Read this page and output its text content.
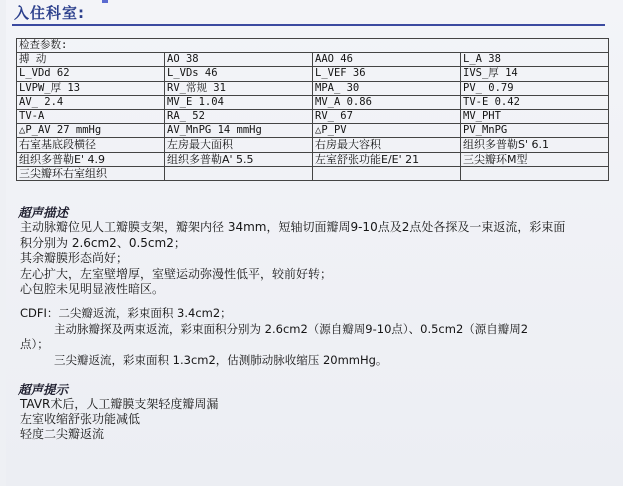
入住科室:
检查参数:			
搏 动	AO 38	AAO 46	L_A 38
L_VDd 62	L_VDs 46	L_VEF 36	IVS_厚 14
LVPW_厚 13	RV_常规 31	MPA_ 30	PV_ 0.79
AV_ 2.4	MV_E 1.04	MV_A 0.86	TV-E 0.42
TV-A	RA_ 52	RV_ 67	MV_PHT
△P_AV 27 mmHg	AV_MnPG 14 mmHg	△P_PV	PV_MnPG
右室基底段横径	左房最大面积	右房最大容积	组织多普勒S' 6.1
组织多普勒E' 4.9	组织多普勒A' 5.5	左室舒张功能E/E' 21	三尖瓣环M型
三尖瓣环右室组织			
超声描述
主动脉瓣位见人工瓣膜支架，瓣架内径 34mm，短轴切面瓣周9-10点及2点处各探及一束返流，彩束面
积分别为 2.6cm2、0.5cm2；
其余瓣膜形态尚好；
左心扩大，左室壁增厚，室壁运动弥漫性低平，较前好转；
心包腔未见明显液性暗区。
CDFI：二尖瓣返流，彩束面积 3.4cm2；
主动脉瓣探及两束返流，彩束面积分别为 2.6cm2（源自瓣周9-10点）、0.5cm2（源自瓣周2
点）；
三尖瓣返流，彩束面积 1.3cm2，估测肺动脉收缩压 20mmHg。
超声提示
TAVR术后，人工瓣膜支架轻度瓣周漏
左室收缩舒张功能减低
轻度二尖瓣返流
